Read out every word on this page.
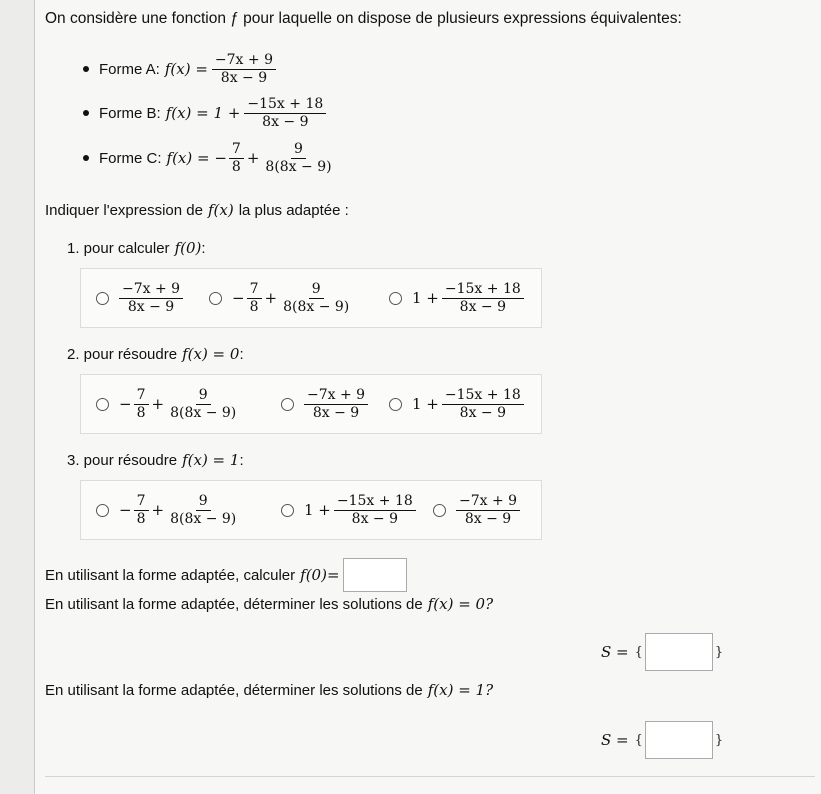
On considère une fonction ƒ pour laquelle on dispose de plusieurs expressions équivalentes:
Forme A: $f(x) = \frac{-7x + 9}{8x - 9}$
Forme B: $f(x) = 1 + \frac{-15x + 18}{8x - 9}$
Forme C: f(x) = − $\frac{7}{8} + \frac{9}{8(8x - 9)}$
Indiquer l'expression de f(x) la plus adaptée :
1. pour calculer f(0) :
$\frac{-7x + 9}{8x - 9}$	− $\frac{7}{8} + \frac{9}{8(8x - 9)}$	$1 + \frac{-15x + 18}{8x - 9}$
2. pour résoudre f(x) = 0 :
− $\frac{7}{8} + \frac{9}{8(8x - 9)}$	$\frac{-7x + 9}{8x - 9}$	$1 + \frac{-15x + 18}{8x - 9}$
3. pour résoudre f(x) = 1 :
− $\frac{7}{8} + \frac{9}{8(8x - 9)}$	$1 + \frac{-15x + 18}{8x - 9}$	$\frac{-7x + 9}{8x - 9}$
En utilisant la forme adaptée, calculer f(0)=
En utilisant la forme adaptée, déterminer les solutions de f(x) = 0?
S = {	}
En utilisant la forme adaptée, déterminer les solutions de f(x) = 1?
S = {	}
